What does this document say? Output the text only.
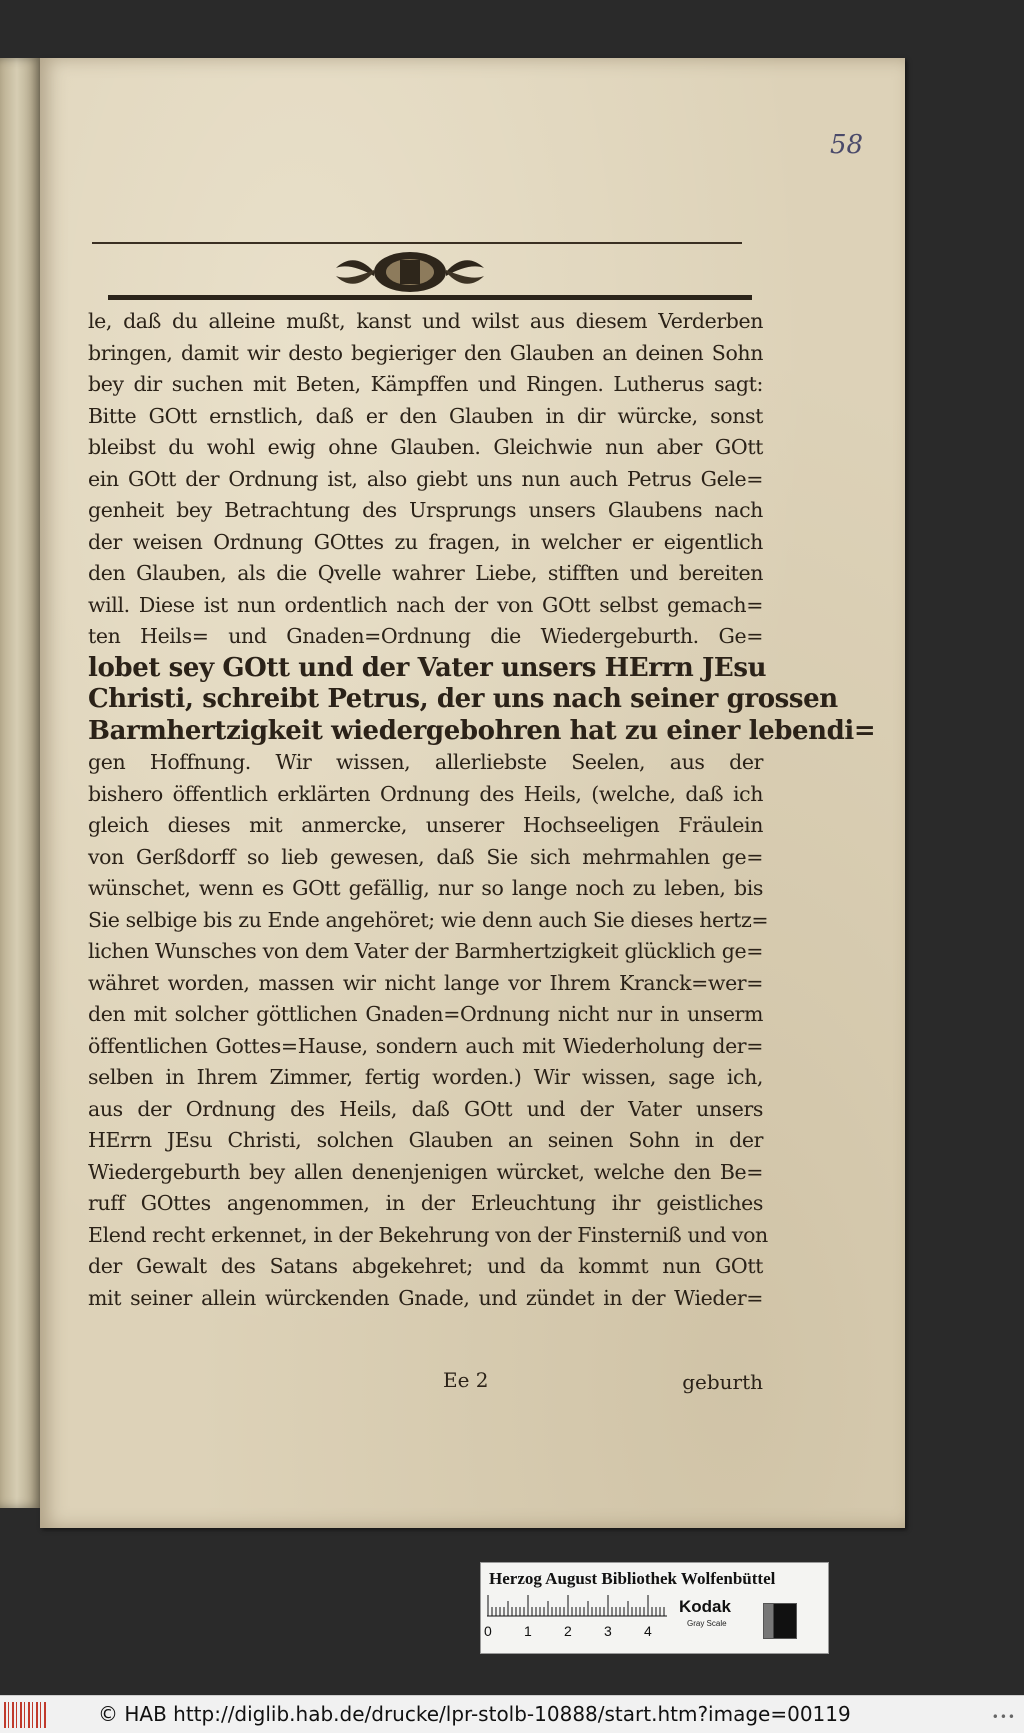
58
le, daß du alleine mußt, kanst und wilst aus diesem Verderben
bringen, damit wir desto begieriger den Glauben an deinen Sohn
bey dir suchen mit Beten, Kämpffen und Ringen. Lutherus sagt:
Bitte GOtt ernstlich, daß er den Glauben in dir würcke, sonst
bleibst du wohl ewig ohne Glauben. Gleichwie nun aber GOtt
ein GOtt der Ordnung ist, also giebt uns nun auch Petrus Gele=
genheit bey Betrachtung des Ursprungs unsers Glaubens nach
der weisen Ordnung GOttes zu fragen, in welcher er eigentlich
den Glauben, als die Qvelle wahrer Liebe, stifften und bereiten
will. Diese ist nun ordentlich nach der von GOtt selbst gemach=
ten Heils= und Gnaden=Ordnung die Wiedergeburth. Ge=
lobet sey GOtt und der Vater unsers HErrn JEsu
Christi, schreibt Petrus, der uns nach seiner grossen
Barmhertzigkeit wiedergebohren hat zu einer lebendi=
gen Hoffnung. Wir wissen, allerliebste Seelen, aus der
bishero öffentlich erklärten Ordnung des Heils, (welche, daß ich
gleich dieses mit anmercke, unserer Hochseeligen Fräulein
von Gerßdorff so lieb gewesen, daß Sie sich mehrmahlen ge=
wünschet, wenn es GOtt gefällig, nur so lange noch zu leben, bis
Sie selbige bis zu Ende angehöret; wie denn auch Sie dieses hertz=
lichen Wunsches von dem Vater der Barmhertzigkeit glücklich ge=
währet worden, massen wir nicht lange vor Ihrem Kranck=wer=
den mit solcher göttlichen Gnaden=Ordnung nicht nur in unserm
öffentlichen Gottes=Hause, sondern auch mit Wiederholung der=
selben in Ihrem Zimmer, fertig worden.) Wir wissen, sage ich,
aus der Ordnung des Heils, daß GOtt und der Vater unsers
HErrn JEsu Christi, solchen Glauben an seinen Sohn in der
Wiedergeburth bey allen denenjenigen würcket, welche den Be=
ruff GOttes angenommen, in der Erleuchtung ihr geistliches
Elend recht erkennet, in der Bekehrung von der Finsterniß und von
der Gewalt des Satans abgekehret; und da kommt nun GOtt
mit seiner allein würckenden Gnade, und zündet in der Wieder=
Ee 2	geburth
Herzog August Bibliothek Wolfenbüttel
0 1 2 3 4
Kodak
Gray Scale
© HAB http://diglib.hab.de/drucke/lpr-stolb-10888/start.htm?image=00119	•••
